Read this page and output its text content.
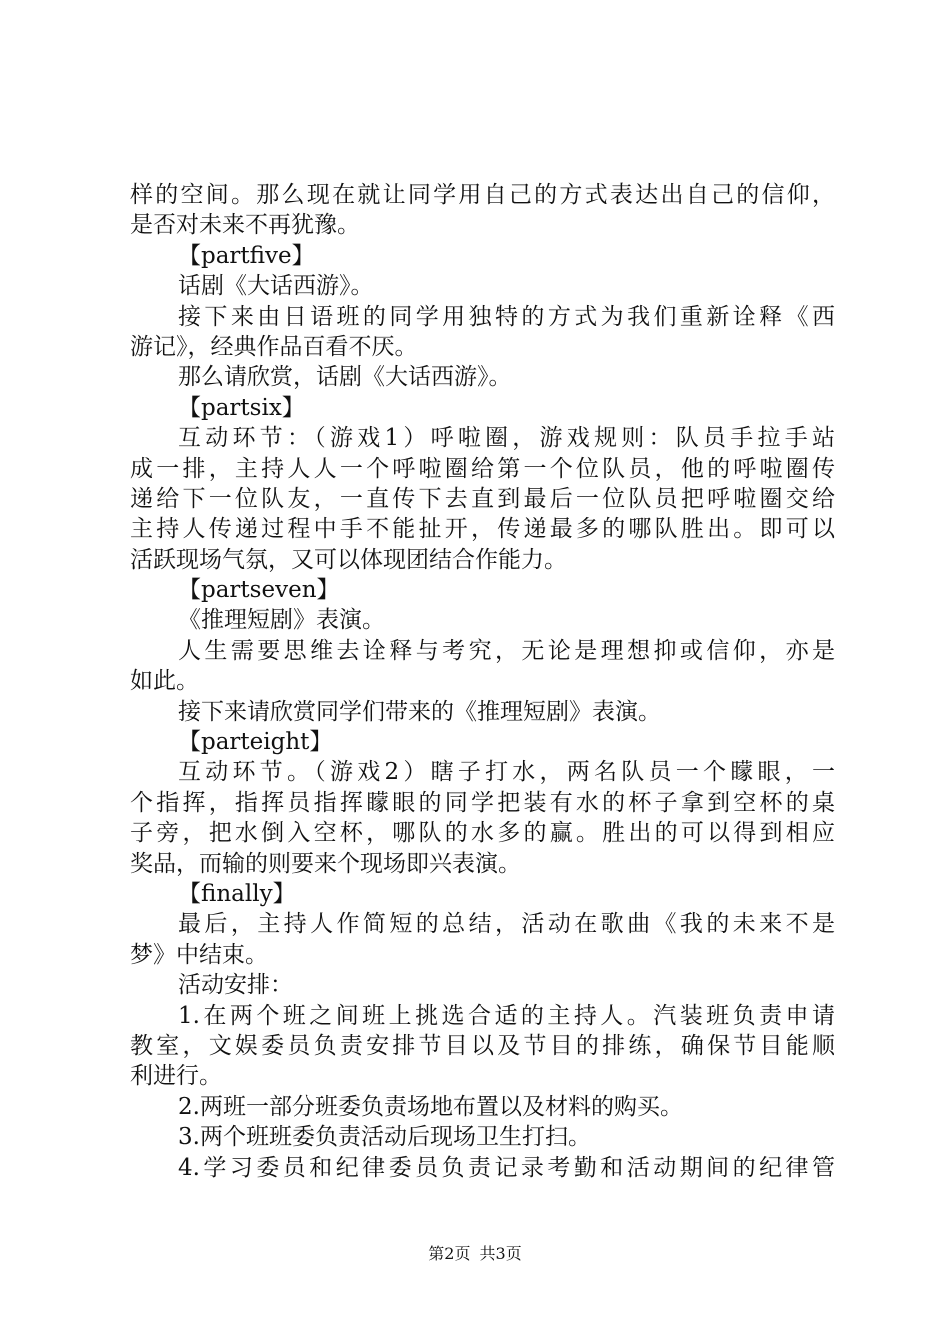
样的空间。那么现在就让同学用自己的方式表达出自己的信仰，
是否对未来不再犹豫。
【partfive】
话剧《大话西游》。
接下来由日语班的同学用独特的方式为我们重新诠释《西
游记》，经典作品百看不厌。
那么请欣赏，话剧《大话西游》。
【partsix】
互动环节：（游戏1）呼啦圈，游戏规则：队员手拉手站
成一排，主持人人一个呼啦圈给第一个位队员，他的呼啦圈传
递给下一位队友，一直传下去直到最后一位队员把呼啦圈交给
主持人传递过程中手不能扯开，传递最多的哪队胜出。即可以
活跃现场气氛，又可以体现团结合作能力。
【partseven】
《推理短剧》表演。
人生需要思维去诠释与考究，无论是理想抑或信仰，亦是
如此。
接下来请欣赏同学们带来的《推理短剧》表演。
【parteight】
互动环节。（游戏2）瞎子打水，两名队员一个矇眼，一
个指挥，指挥员指挥矇眼的同学把装有水的杯子拿到空杯的桌
子旁，把水倒入空杯，哪队的水多的赢。胜出的可以得到相应
奖品，而输的则要来个现场即兴表演。
【finally】
最后，主持人作简短的总结，活动在歌曲《我的未来不是
梦》中结束。
活动安排：
1.在两个班之间班上挑选合适的主持人。汽装班负责申请
教室，文娱委员负责安排节目以及节目的排练，确保节目能顺
利进行。
2.两班一部分班委负责场地布置以及材料的购买。
3.两个班班委负责活动后现场卫生打扫。
4.学习委员和纪律委员负责记录考勤和活动期间的纪律管
第2页 共3页
